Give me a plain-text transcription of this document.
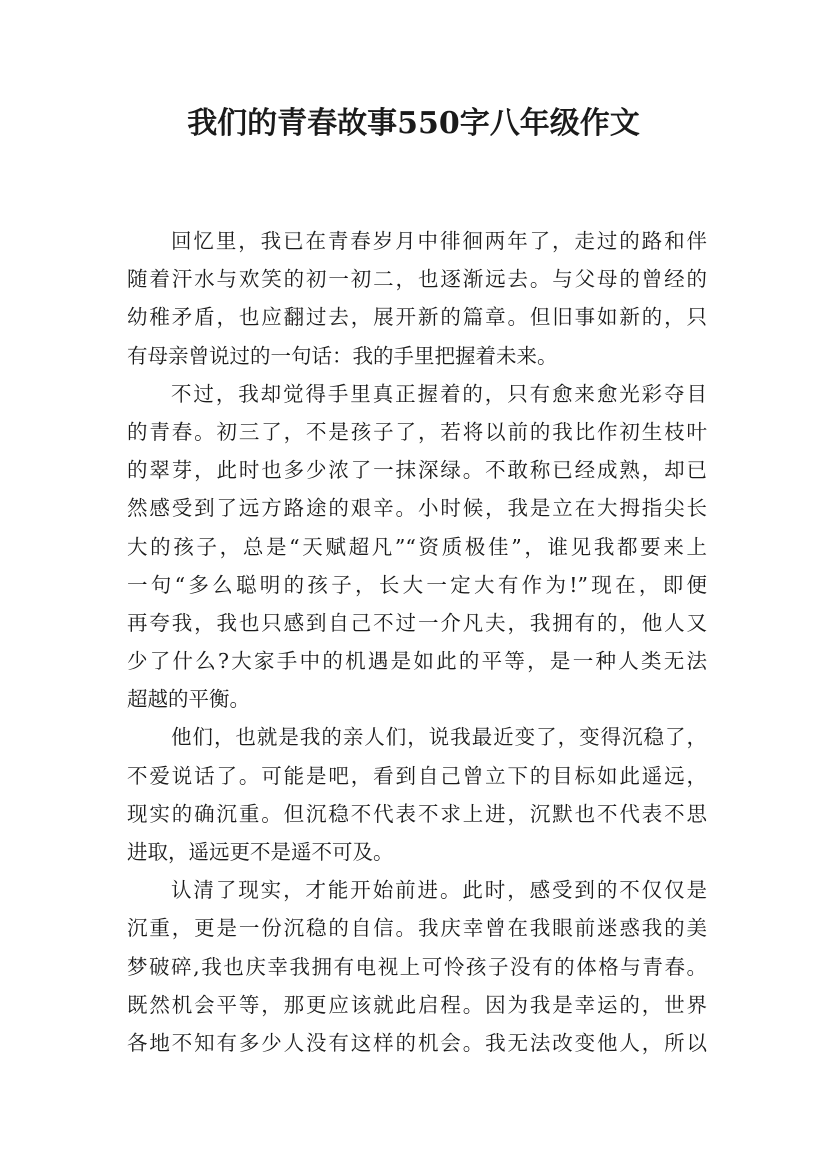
我们的青春故事550字八年级作文
回忆里，我已在青春岁月中徘徊两年了，走过的路和伴
随着汗水与欢笑的初一初二，也逐渐远去。与父母的曾经的
幼稚矛盾，也应翻过去，展开新的篇章。但旧事如新的，只
有母亲曾说过的一句话：我的手里把握着未来。
不过，我却觉得手里真正握着的，只有愈来愈光彩夺目
的青春。初三了，不是孩子了，若将以前的我比作初生枝叶
的翠芽，此时也多少浓了一抹深绿。不敢称已经成熟，却已
然感受到了远方路途的艰辛。小时候，我是立在大拇指尖长
大的孩子，总是“天赋超凡”“资质极佳”，谁见我都要来上
一句“多么聪明的孩子，长大一定大有作为!”现在，即便
再夸我，我也只感到自己不过一介凡夫，我拥有的，他人又
少了什么?大家手中的机遇是如此的平等，是一种人类无法
超越的平衡。
他们，也就是我的亲人们，说我最近变了，变得沉稳了，
不爱说话了。可能是吧，看到自己曾立下的目标如此遥远，
现实的确沉重。但沉稳不代表不求上进，沉默也不代表不思
进取，遥远更不是遥不可及。
认清了现实，才能开始前进。此时，感受到的不仅仅是
沉重，更是一份沉稳的自信。我庆幸曾在我眼前迷惑我的美
梦破碎,我也庆幸我拥有电视上可怜孩子没有的体格与青春。
既然机会平等，那更应该就此启程。因为我是幸运的，世界
各地不知有多少人没有这样的机会。我无法改变他人，所以
